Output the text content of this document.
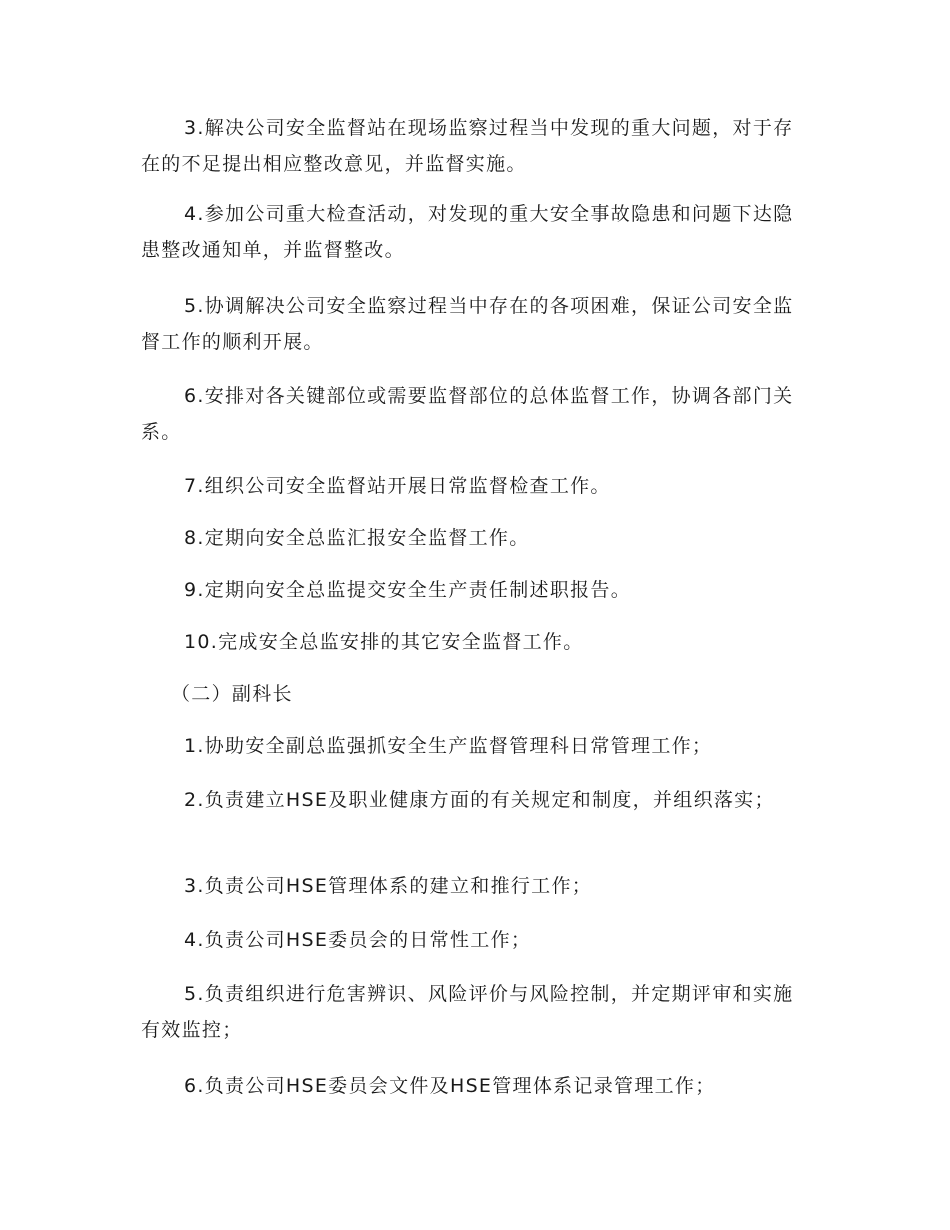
3.解决公司安全监督站在现场监察过程当中发现的重大问题，对于存在的不足提出相应整改意见，并监督实施。

4.参加公司重大检查活动，对发现的重大安全事故隐患和问题下达隐患整改通知单，并监督整改。

5.协调解决公司安全监察过程当中存在的各项困难，保证公司安全监督工作的顺利开展。

6.安排对各关键部位或需要监督部位的总体监督工作，协调各部门关系。

7.组织公司安全监督站开展日常监督检查工作。

8.定期向安全总监汇报安全监督工作。

9.定期向安全总监提交安全生产责任制述职报告。

10.完成安全总监安排的其它安全监督工作。

（二）副科长

1.协助安全副总监强抓安全生产监督管理科日常管理工作；

2.负责建立HSE及职业健康方面的有关规定和制度，并组织落实；

3.负责公司HSE管理体系的建立和推行工作；

4.负责公司HSE委员会的日常性工作；

5.负责组织进行危害辨识、风险评价与风险控制，并定期评审和实施有效监控；

6.负责公司HSE委员会文件及HSE管理体系记录管理工作；
